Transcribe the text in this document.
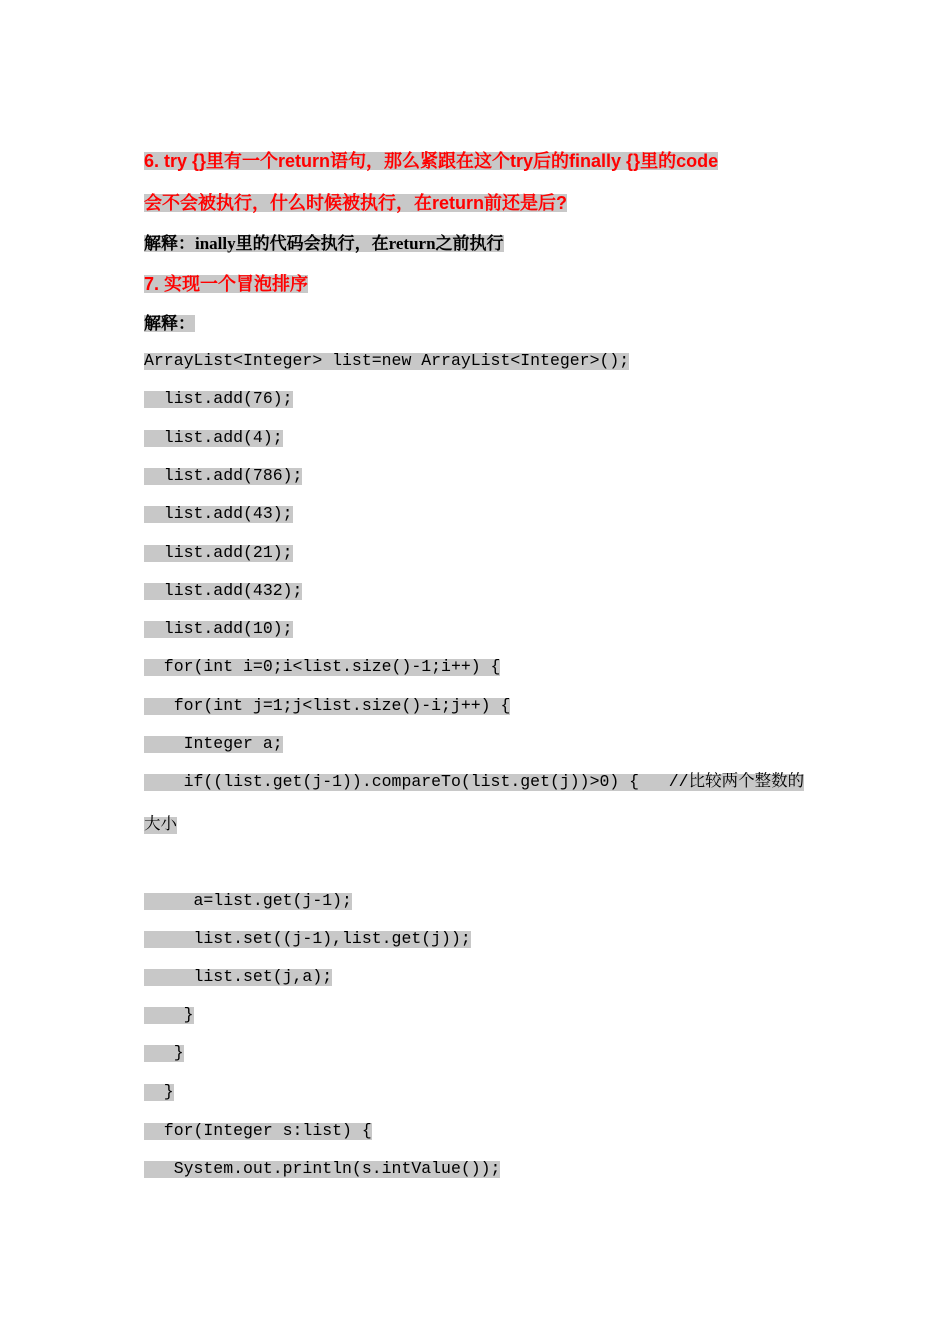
6. try {}里有一个return语句，那么紧跟在这个try后的finally {}里的code
会不会被执行，什么时候被执行，在return前还是后?
解释：inally里的代码会执行，在return之前执行
7. 实现一个冒泡排序
解释：
ArrayList<Integer> list=new ArrayList<Integer>();
list.add(76);
list.add(4);
list.add(786);
list.add(43);
list.add(21);
list.add(432);
list.add(10);
for(int i=0;i<list.size()-1;i++) {
for(int j=1;j<list.size()-i;j++) {
Integer a;
if((list.get(j-1)).compareTo(list.get(j))>0) {   //比较两个整数的
大小
a=list.get(j-1);
list.set((j-1),list.get(j));
list.set(j,a);
}
}
}
for(Integer s:list) {
System.out.println(s.intValue());
